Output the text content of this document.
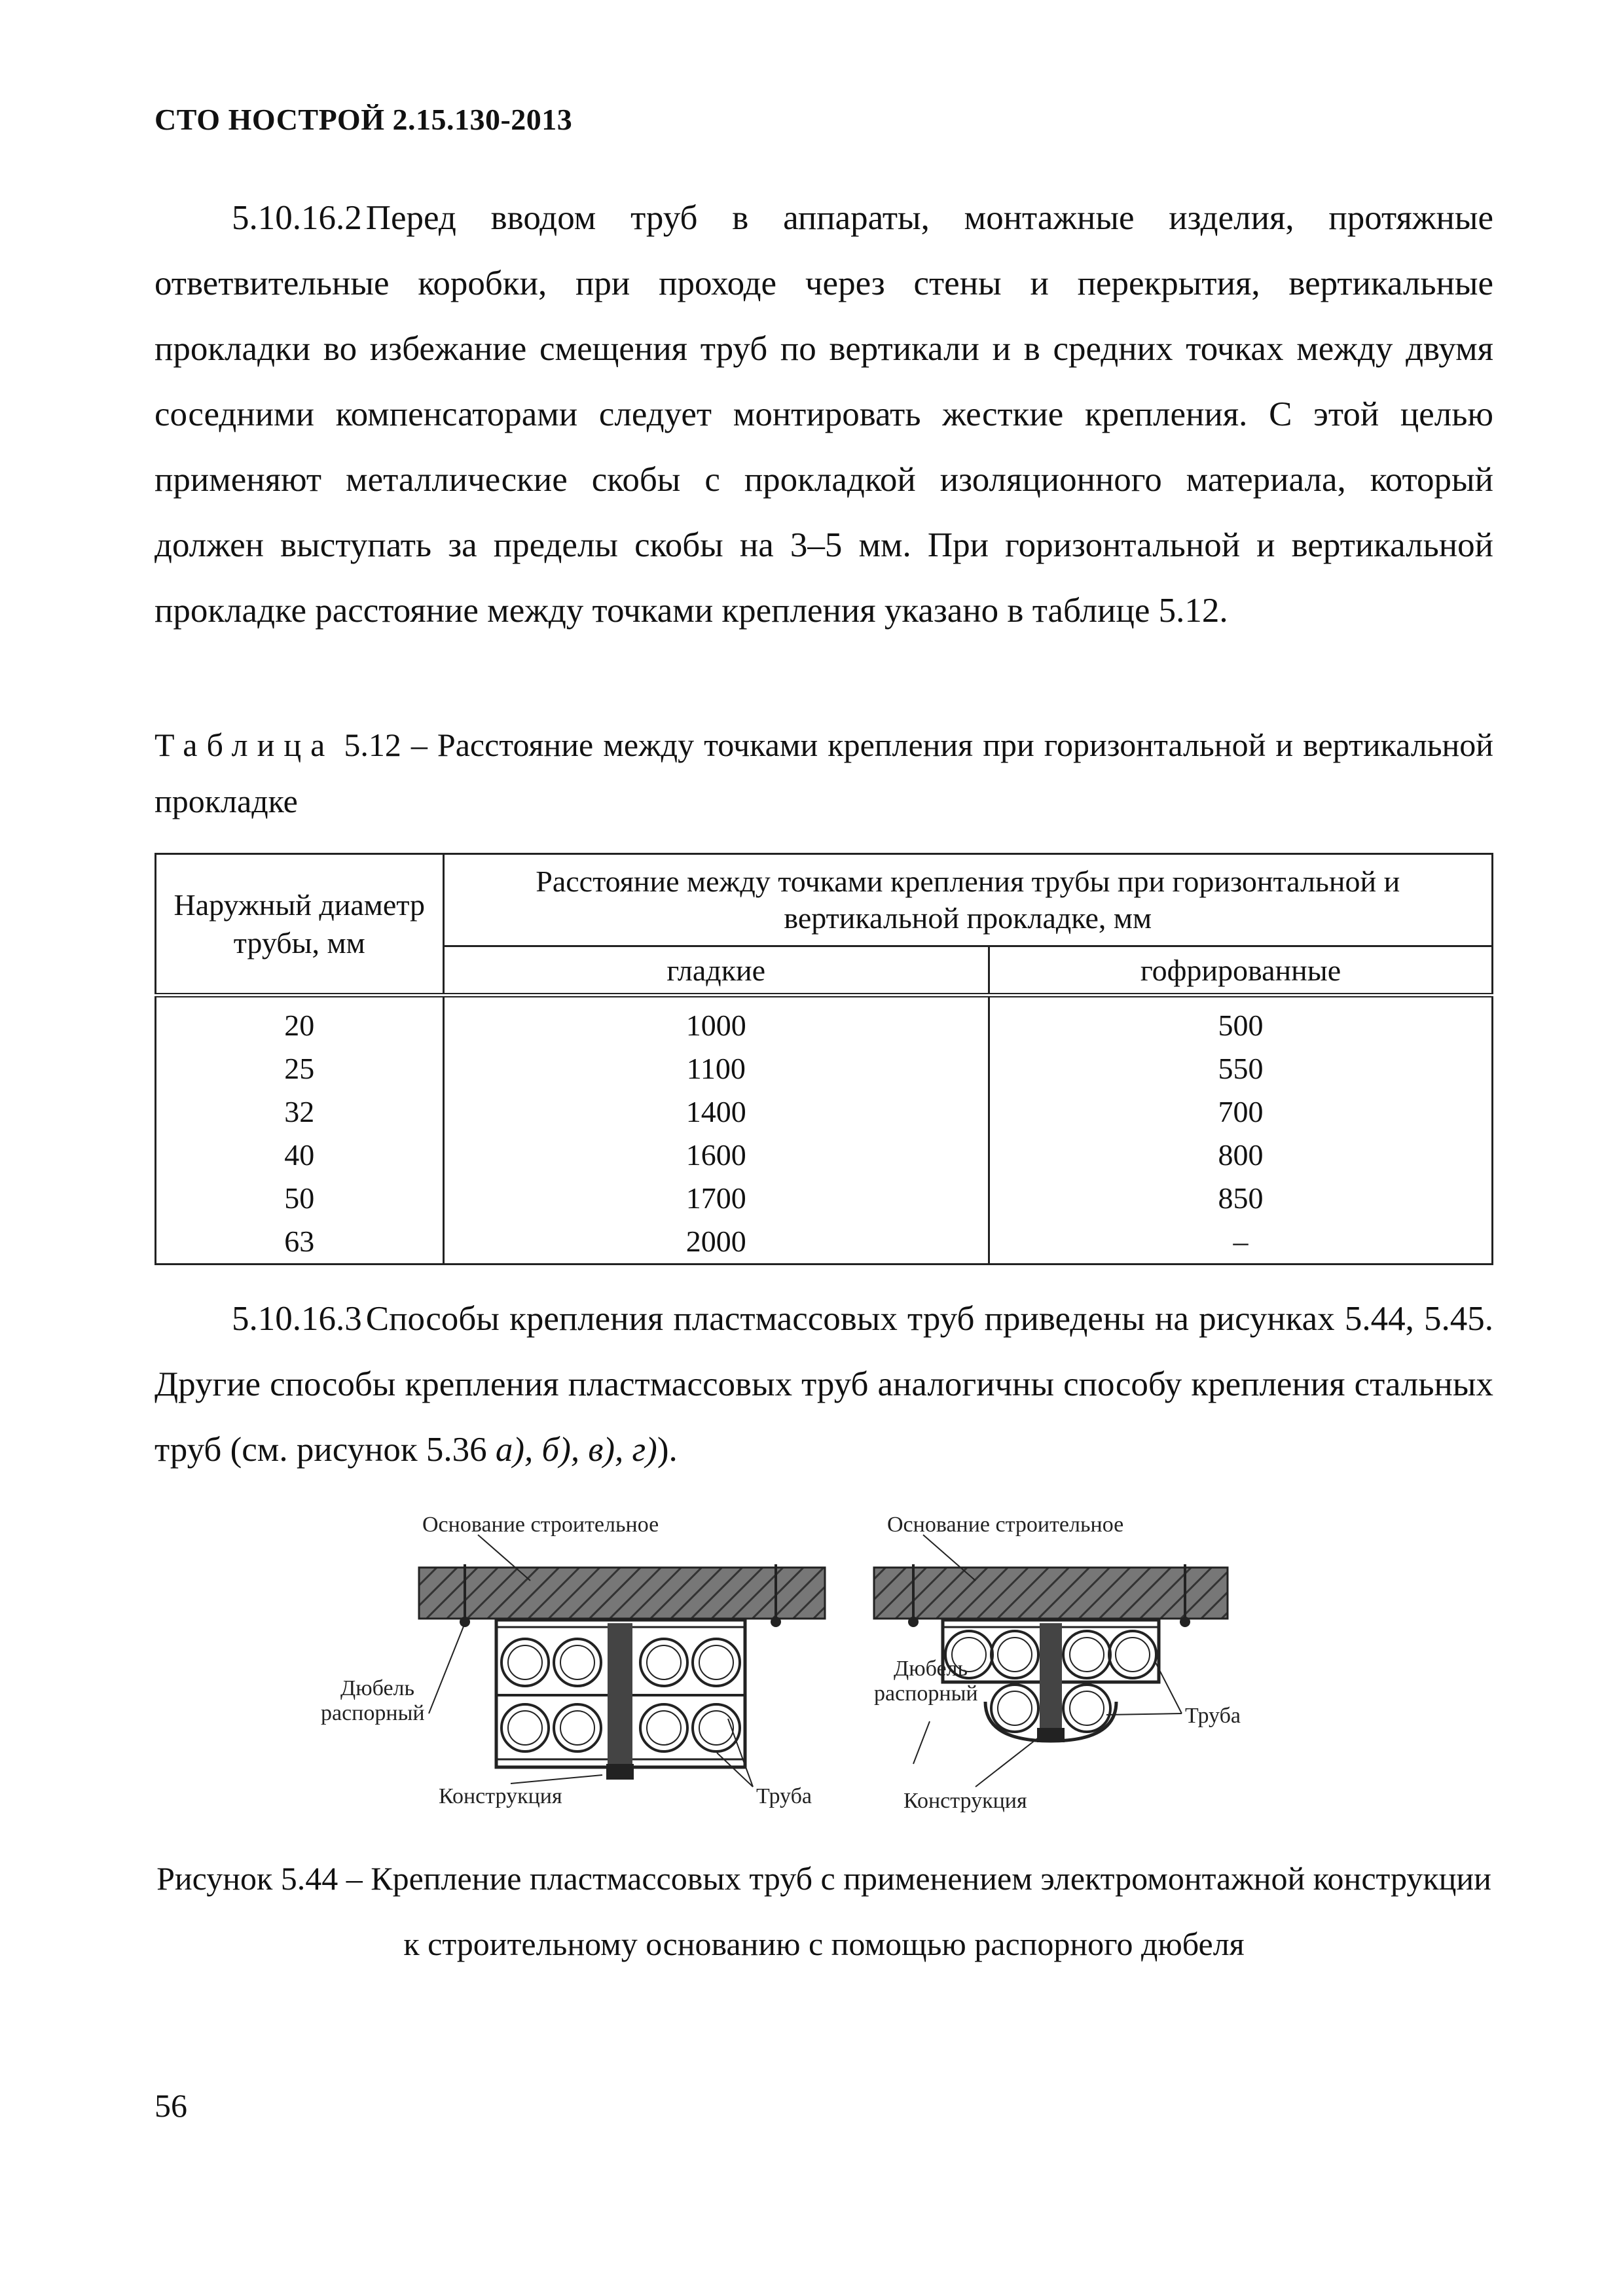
СТО НОСТРОЙ 2.15.130-2013

5.10.16.2 Перед вводом труб в аппараты, монтажные изделия, протяжные ответвительные коробки, при проходе через стены и перекрытия, вертикальные прокладки во избежание смещения труб по вертикали и в средних точках между двумя соседними компенсаторами следует монтировать жесткие крепления. С этой целью применяют металлические скобы с прокладкой изоляционного материала, который должен выступать за пределы скобы на 3–5 мм. При горизонтальной и вертикальной прокладке расстояние между точками крепления указано в таблице 5.12.

Таблица 5.12 – Расстояние между точками крепления при горизонтальной и вертикальной прокладке

Наружный диаметр трубы, мм	Расстояние между точками крепления трубы при горизонтальной и вертикальной прокладке, мм	
	гладкие	гофрированные
20	1000	500
25	1100	550
32	1400	700
40	1600	800
50	1700	850
63	2000	–

5.10.16.3 Способы крепления пластмассовых труб приведены на рисунках 5.44, 5.45. Другие способы крепления пластмассовых труб аналогичны способу крепления стальных труб (см. рисунок 5.36 а), б), в), г)).

Основание строительное
Дюбель
распорный
Конструкция	Труба
Основание строительное
Дюбель
распорный
Конструкция
Труба

Рисунок 5.44 – Крепление пластмассовых труб с применением электромонтажной конструкции к строительному основанию с помощью распорного дюбеля

56
